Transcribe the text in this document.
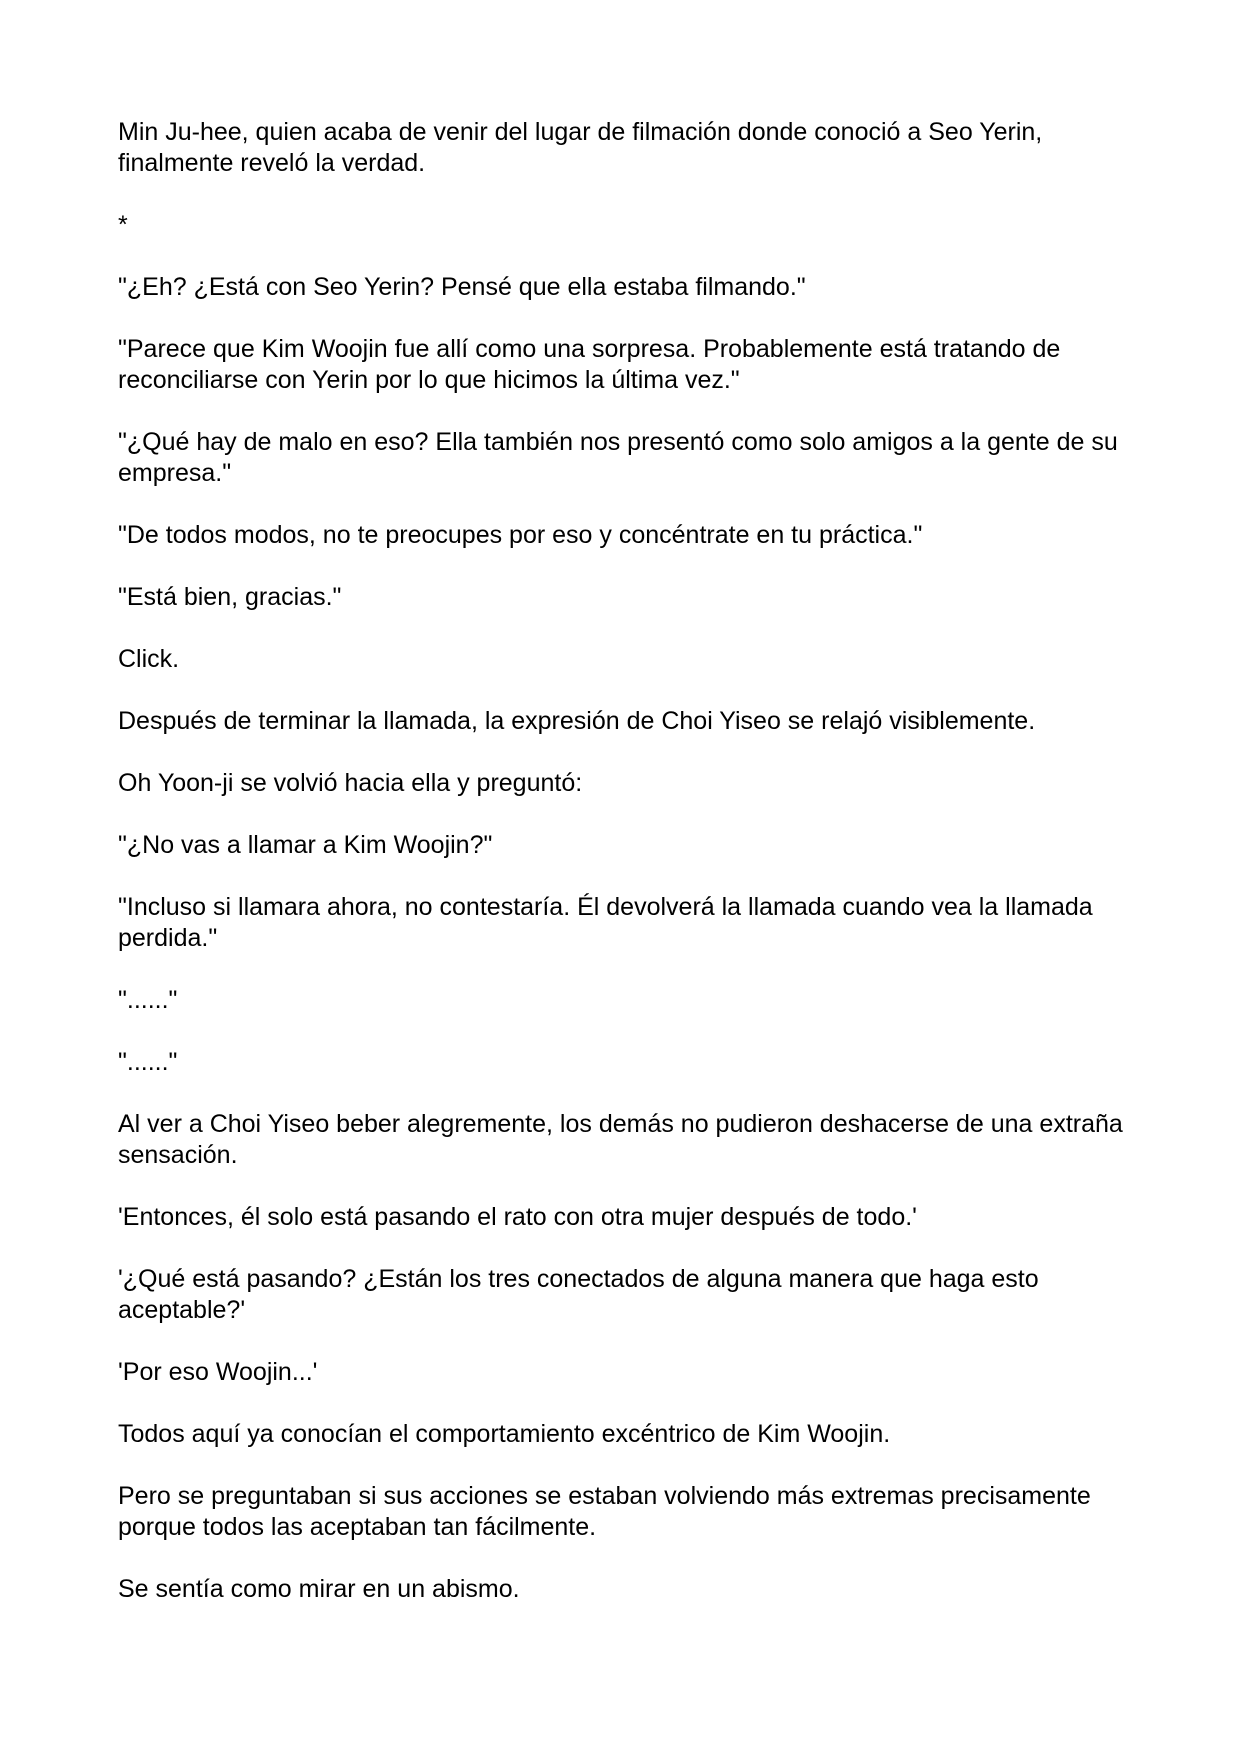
Min Ju-hee, quien acaba de venir del lugar de filmación donde conoció a Seo Yerin, finalmente reveló la verdad.

*

"¿Eh? ¿Está con Seo Yerin? Pensé que ella estaba filmando."

"Parece que Kim Woojin fue allí como una sorpresa. Probablemente está tratando de reconciliarse con Yerin por lo que hicimos la última vez."

"¿Qué hay de malo en eso? Ella también nos presentó como solo amigos a la gente de su empresa."

"De todos modos, no te preocupes por eso y concéntrate en tu práctica."

"Está bien, gracias."

Click.

Después de terminar la llamada, la expresión de Choi Yiseo se relajó visiblemente.

Oh Yoon-ji se volvió hacia ella y preguntó:

"¿No vas a llamar a Kim Woojin?"

"Incluso si llamara ahora, no contestaría. Él devolverá la llamada cuando vea la llamada perdida."

"......"

"......"

Al ver a Choi Yiseo beber alegremente, los demás no pudieron deshacerse de una extraña sensación.

'Entonces, él solo está pasando el rato con otra mujer después de todo.'

'¿Qué está pasando? ¿Están los tres conectados de alguna manera que haga esto aceptable?'

'Por eso Woojin...'

Todos aquí ya conocían el comportamiento excéntrico de Kim Woojin.

Pero se preguntaban si sus acciones se estaban volviendo más extremas precisamente porque todos las aceptaban tan fácilmente.

Se sentía como mirar en un abismo.
